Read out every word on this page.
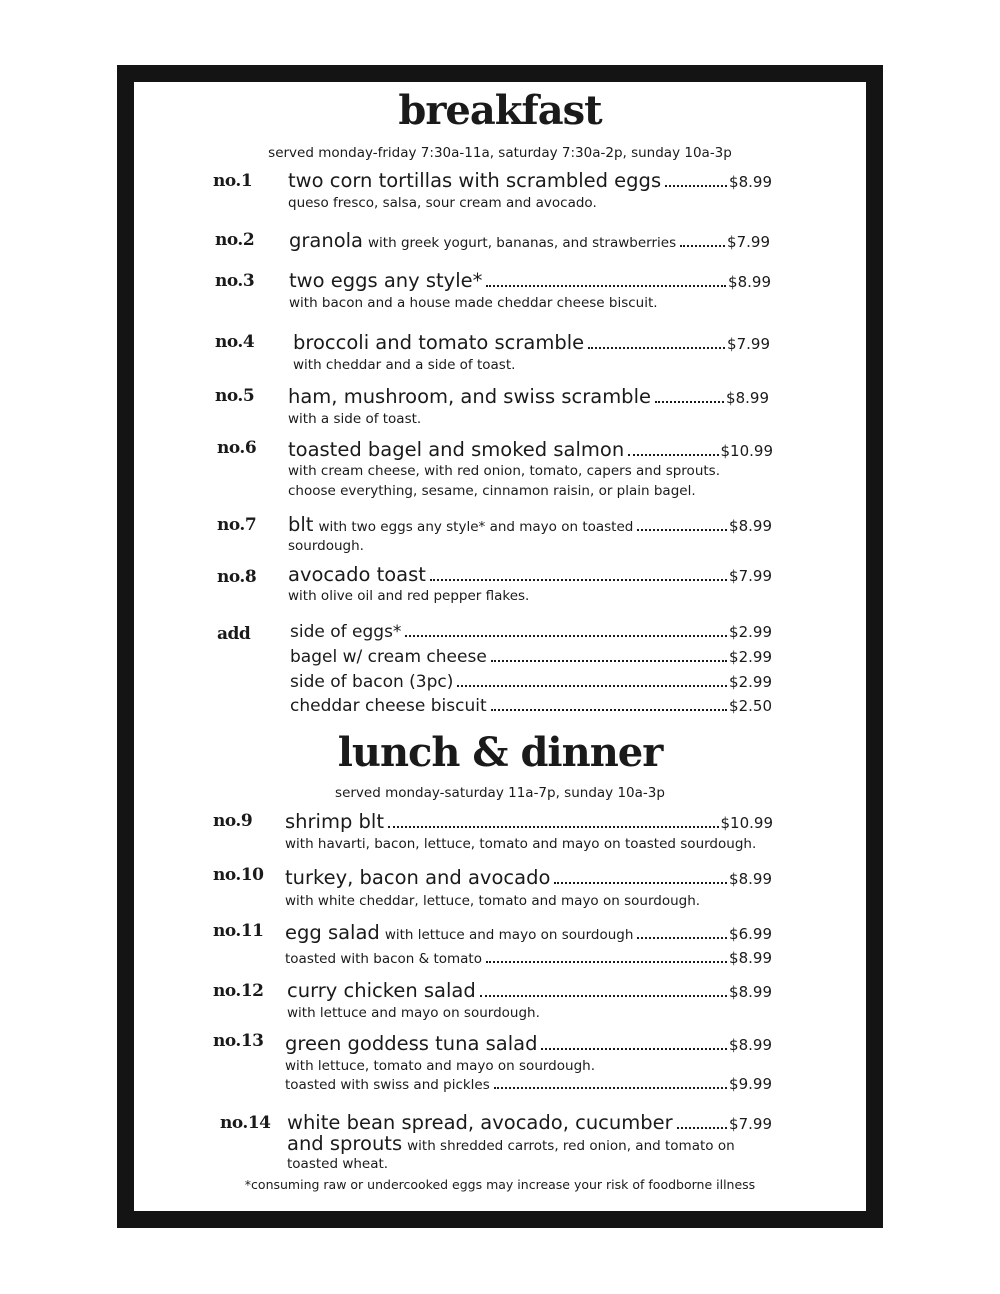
breakfast
served monday-friday 7:30a-11a, saturday 7:30a-2p, sunday 10a-3p
no.1 two corn tortillas with scrambled eggs	$8.99
queso fresco, salsa, sour cream and avocado.
no.2 granola with greek yogurt, bananas, and strawberries	$7.99
no.3 two eggs any style*	$8.99
with bacon and a house made cheddar cheese biscuit.
no.4 broccoli and tomato scramble	$7.99
with cheddar and a side of toast.
no.5 ham, mushroom, and swiss scramble	$8.99
with a side of toast.
no.6 toasted bagel and smoked salmon	$10.99
with cream cheese, with red onion, tomato, capers and sprouts.
choose everything, sesame, cinnamon raisin, or plain bagel.
no.7 blt with two eggs any style* and mayo on toasted	$8.99
sourdough.
no.8 avocado toast	$7.99
with olive oil and red pepper flakes.
add side of eggs*	$2.99
bagel w/ cream cheese	$2.99
side of bacon (3pc)	$2.99
cheddar cheese biscuit	$2.50
lunch & dinner
served monday-saturday 11a-7p, sunday 10a-3p
no.9 shrimp blt	$10.99
with havarti, bacon, lettuce, tomato and mayo on toasted sourdough.
no.10 turkey, bacon and avocado	$8.99
with white cheddar, lettuce, tomato and mayo on sourdough.
no.11 egg salad with lettuce and mayo on sourdough	$6.99
toasted with bacon & tomato	$8.99
no.12 curry chicken salad	$8.99
with lettuce and mayo on sourdough.
no.13 green goddess tuna salad	$8.99
with lettuce, tomato and mayo on sourdough.
toasted with swiss and pickles	$9.99
no.14 white bean spread, avocado, cucumber	$7.99
and sprouts with shredded carrots, red onion, and tomato on
toasted wheat.
*consuming raw or undercooked eggs may increase your risk of foodborne illness
